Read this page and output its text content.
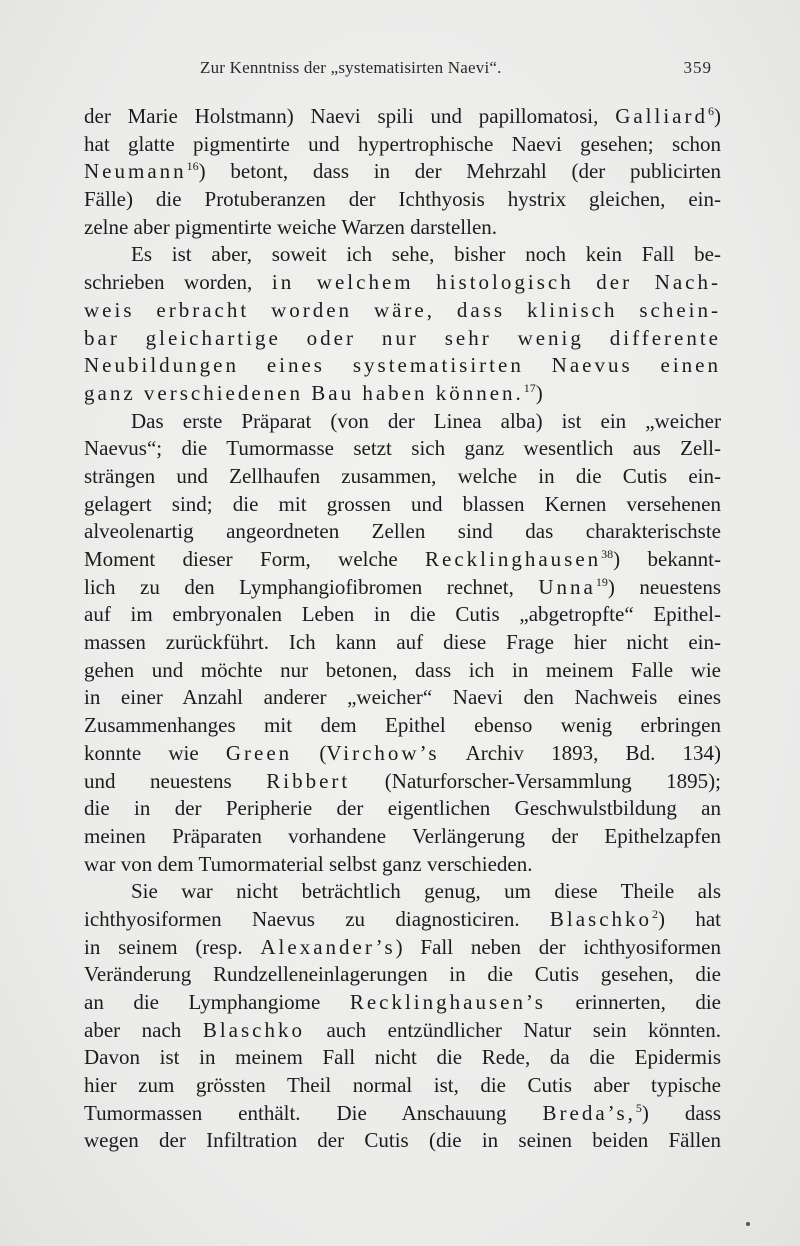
Zur Kenntniss der „systematisirten Naevi“.	359
der Marie Holstmann) Naevi spili und papillomatosi, Galliard$^6$)
hat glatte pigmentirte und hypertrophische Naevi gesehen; schon
Neumann$^{16}$) betont, dass in der Mehrzahl (der publicirten
Fälle) die Protuberanzen der Ichthyosis hystrix gleichen, ein-
zelne aber pigmentirte weiche Warzen darstellen.
Es ist aber, soweit ich sehe, bisher noch kein Fall be-
schrieben worden, in welchem histologisch der Nach-
weis erbracht worden wäre, dass klinisch schein-
bar gleichartige oder nur sehr wenig differente
Neubildungen eines systematisirten Naevus einen
ganz verschiedenen Bau haben können.$^{17}$)
Das erste Präparat (von der Linea alba) ist ein „weicher
Naevus“; die Tumormasse setzt sich ganz wesentlich aus Zell-
strängen und Zellhaufen zusammen, welche in die Cutis ein-
gelagert sind; die mit grossen und blassen Kernen versehenen
alveolenartig angeordneten Zellen sind das charakterischste
Moment dieser Form, welche Recklinghausen$^{38}$) bekannt-
lich zu den Lymphangiofibromen rechnet, Unna$^{19}$) neuestens
auf im embryonalen Leben in die Cutis „abgetropfte“ Epithel-
massen zurückführt. Ich kann auf diese Frage hier nicht ein-
gehen und möchte nur betonen, dass ich in meinem Falle wie
in einer Anzahl anderer „weicher“ Naevi den Nachweis eines
Zusammenhanges mit dem Epithel ebenso wenig erbringen
konnte wie Green (Virchow’s Archiv 1893, Bd. 134)
und neuestens Ribbert (Naturforscher-Versammlung 1895);
die in der Peripherie der eigentlichen Geschwulstbildung an
meinen Präparaten vorhandene Verlängerung der Epithelzapfen
war von dem Tumormaterial selbst ganz verschieden.
Sie war nicht beträchtlich genug, um diese Theile als
ichthyosiformen Naevus zu diagnosticiren. Blaschko$^2$) hat
in seinem (resp. Alexander’s) Fall neben der ichthyosiformen
Veränderung Rundzelleneinlagerungen in die Cutis gesehen, die
an die Lymphangiome Recklinghausen’s erinnerten, die
aber nach Blaschko auch entzündlicher Natur sein könnten.
Davon ist in meinem Fall nicht die Rede, da die Epidermis
hier zum grössten Theil normal ist, die Cutis aber typische
Tumormassen enthält. Die Anschauung Breda’s,$^5$) dass
wegen der Infiltration der Cutis (die in seinen beiden Fällen
